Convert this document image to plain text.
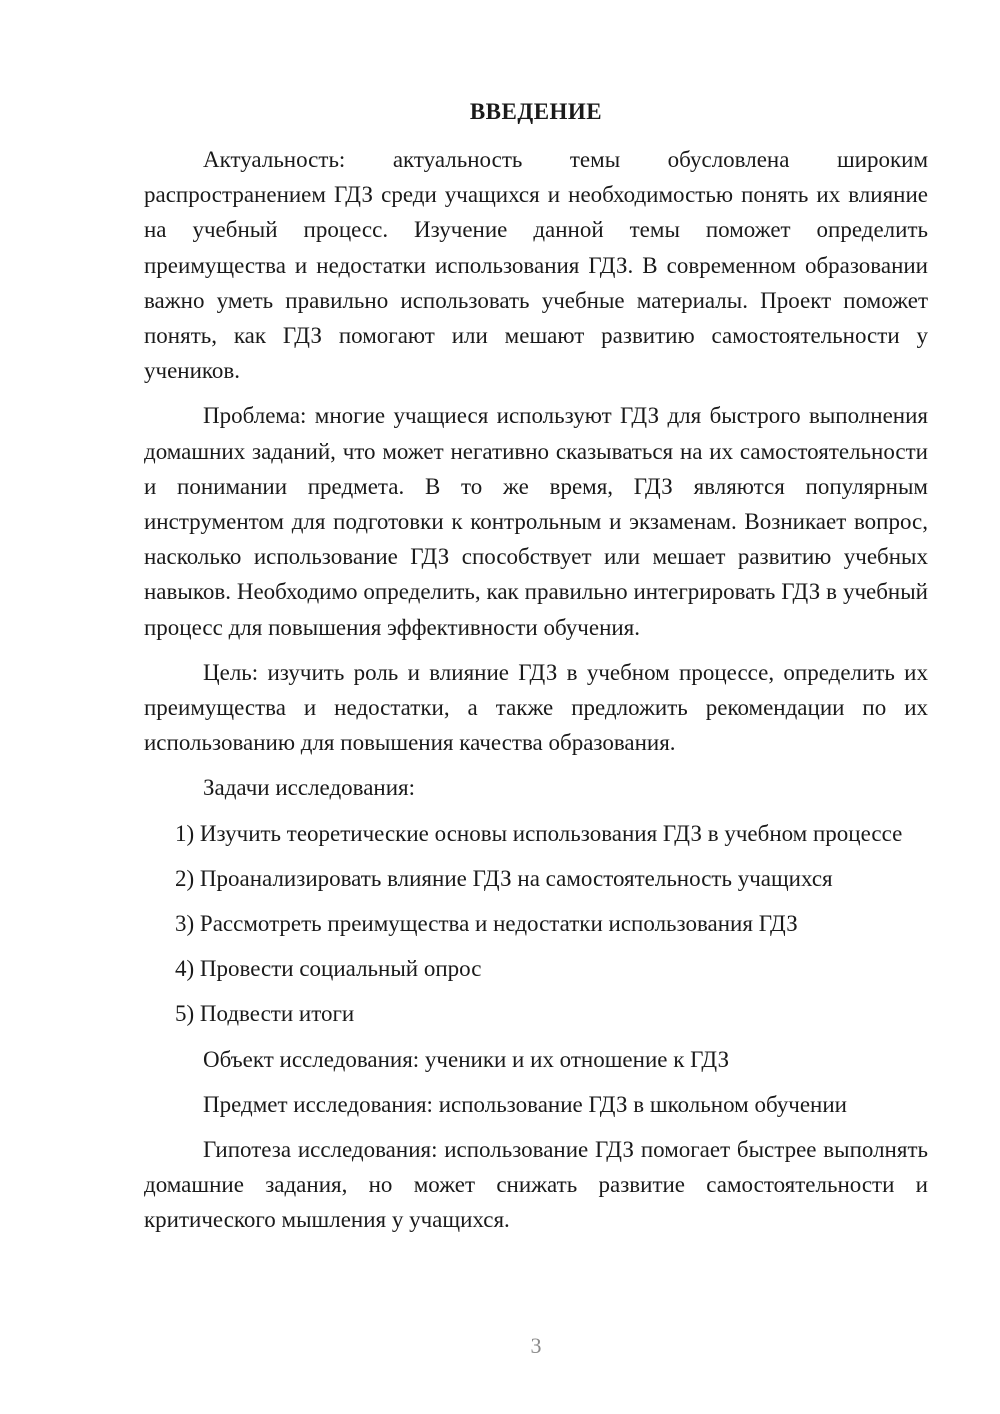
ВВЕДЕНИЕ

Актуальность: актуальность темы обусловлена широким распространением ГДЗ среди учащихся и необходимостью понять их влияние на учебный процесс. Изучение данной темы поможет определить преимущества и недостатки использования ГДЗ. В современном образовании важно уметь правильно использовать учебные материалы. Проект поможет понять, как ГДЗ помогают или мешают развитию самостоятельности у учеников.

Проблема: многие учащиеся используют ГДЗ для быстрого выполнения домашних заданий, что может негативно сказываться на их самостоятельности и понимании предмета. В то же время, ГДЗ являются популярным инструментом для подготовки к контрольным и экзаменам. Возникает вопрос, насколько использование ГДЗ способствует или мешает развитию учебных навыков. Необходимо определить, как правильно интегрировать ГДЗ в учебный процесс для повышения эффективности обучения.

Цель: изучить роль и влияние ГДЗ в учебном процессе, определить их преимущества и недостатки, а также предложить рекомендации по их использованию для повышения качества образования.

Задачи исследования:

1) Изучить теоретические основы использования ГДЗ в учебном процессе

2) Проанализировать влияние ГДЗ на самостоятельность учащихся

3) Рассмотреть преимущества и недостатки использования ГДЗ

4) Провести социальный опрос

5) Подвести итоги

Объект исследования: ученики и их отношение к ГДЗ

Предмет исследования: использование ГДЗ в школьном обучении

Гипотеза исследования: использование ГДЗ помогает быстрее выполнять домашние задания, но может снижать развитие самостоятельности и критического мышления у учащихся.

3
